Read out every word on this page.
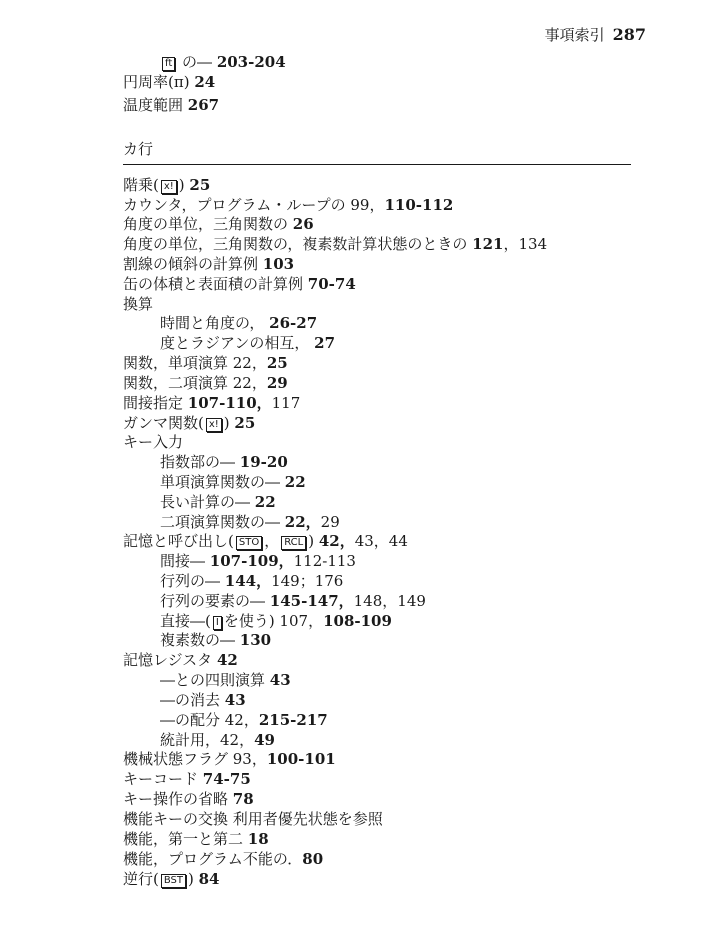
事項索引 287
カ行
ft の― 203-204
円周率(π) 24
温度範囲 267
階乗( x! ) 25
カウンタ，プログラム・ループの 99，110-112
角度の単位，三角関数の 26
角度の単位，三角関数の，複素数計算状態のときの 121，134
割線の傾斜の計算例 103
缶の体積と表面積の計算例 70-74
換算
時間と角度の， 26-27
度とラジアンの相互， 27
関数，単項演算 22，25
関数，二項演算 22，29
間接指定 107-110，117
ガンマ関数( x! ) 25
キー入力
指数部の― 19-20
単項演算関数の― 22
長い計算の― 22
二項演算関数の― 22，29
記憶と呼び出し( STO ， RCL ) 42，43，44
間接― 107-109，112-113
行列の― 144，149；176
行列の要素の― 145-147，148，149
直接―( I を使う) 107，108-109
複素数の― 130
記憶レジスタ 42
―との四則演算 43
―の消去 43
―の配分 42，215-217
統計用，42，49
機械状態フラグ 93，100-101
キーコード 74-75
キー操作の省略 78
機能キーの交換 利用者優先状態を参照
機能，第一と第二 18
機能，プログラム不能の．80
逆行( BST ) 84
